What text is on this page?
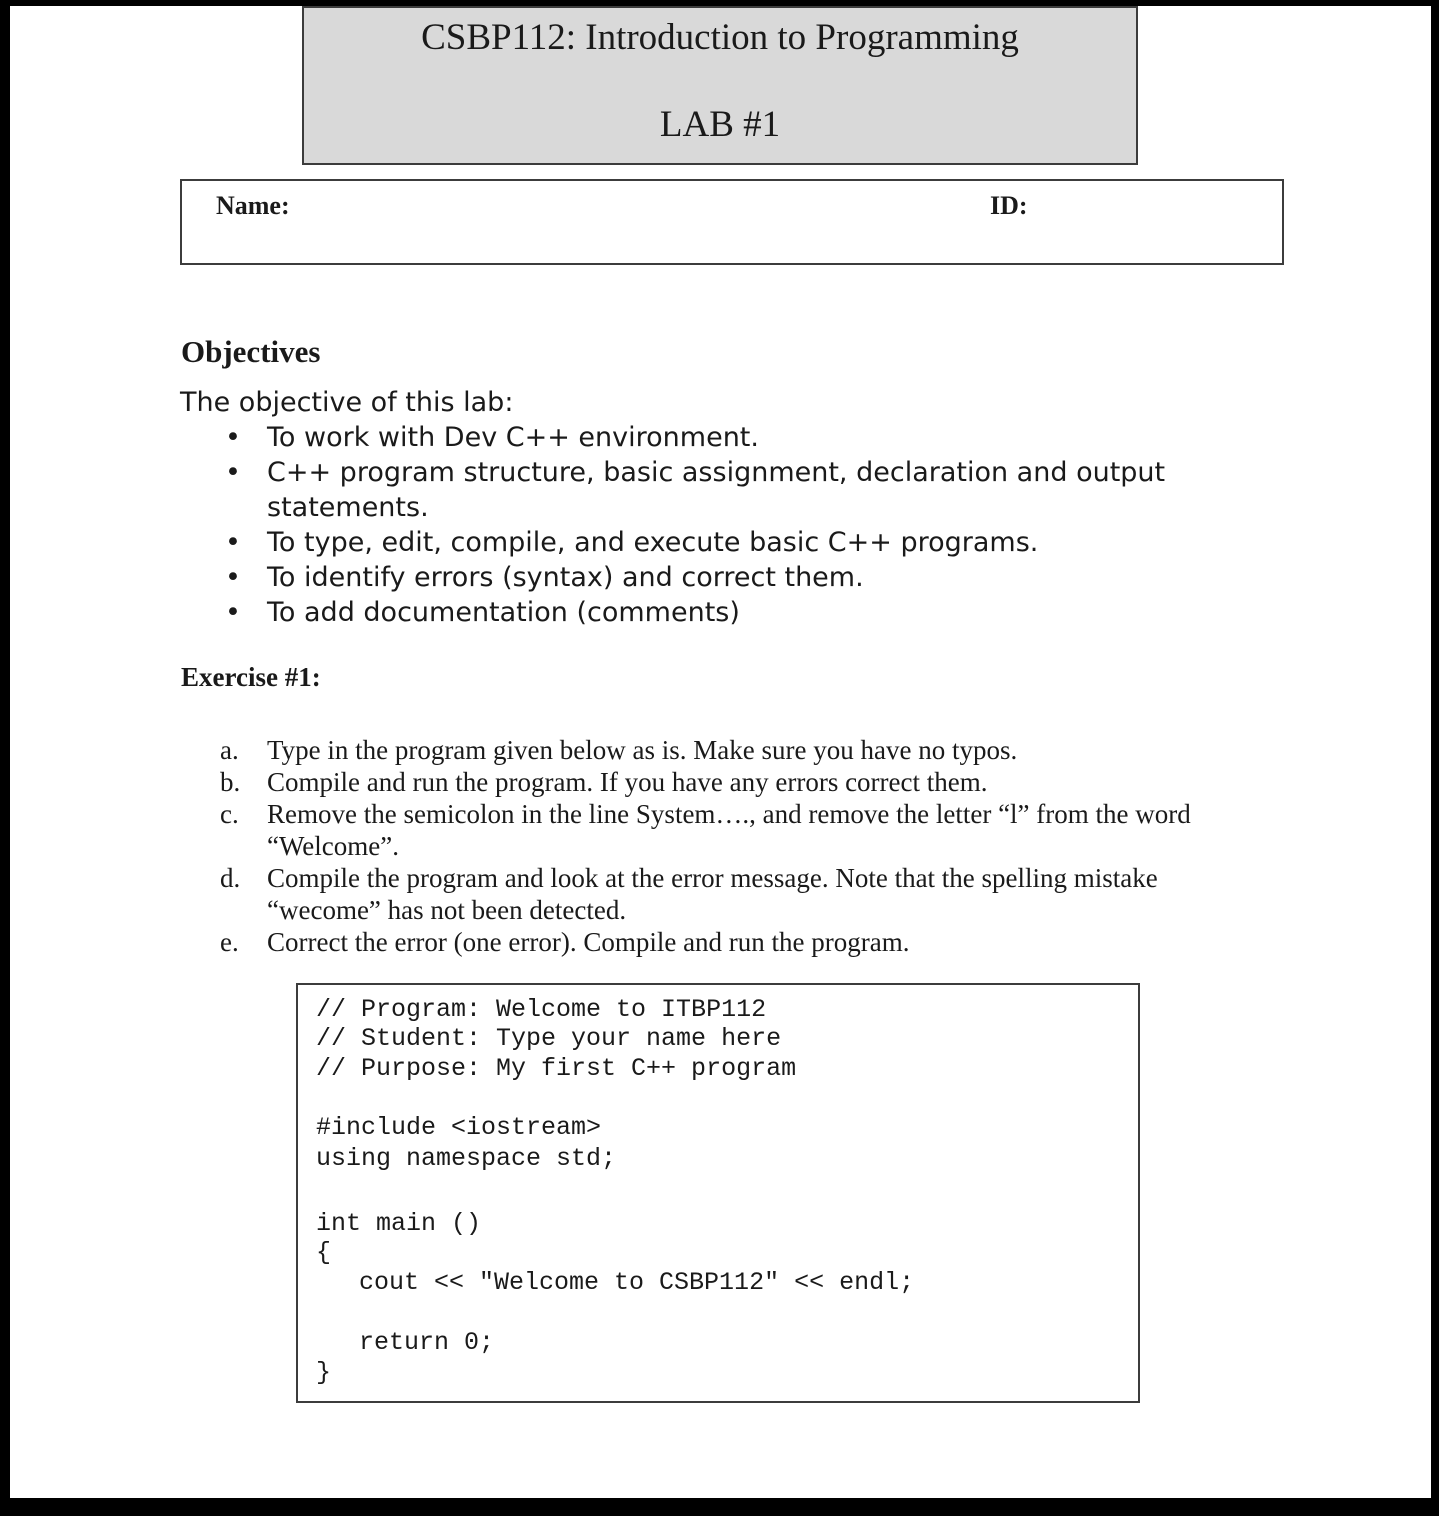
CSBP112: Introduction to Programming
LAB #1
Name:	ID:
Objectives
The objective of this lab:
• To work with Dev C++ environment.
• C++ program structure, basic assignment, declaration and output statements.
• To type, edit, compile, and execute basic C++ programs.
• To identify errors (syntax) and correct them.
• To add documentation (comments)
Exercise #1:
a. Type in the program given below as is. Make sure you have no typos.
b. Compile and run the program. If you have any errors correct them.
c. Remove the semicolon in the line System…., and remove the letter “l” from the word “Welcome”.
d. Compile the program and look at the error message. Note that the spelling mistake “wecome” has not been detected.
e. Correct the error (one error). Compile and run the program.
// Program: Welcome to ITBP112
// Student: Type your name here
// Purpose: My first C++ program
#include <iostream>
using namespace std;
int main ()
{
cout << "Welcome to CSBP112" << endl;
return 0;
}
